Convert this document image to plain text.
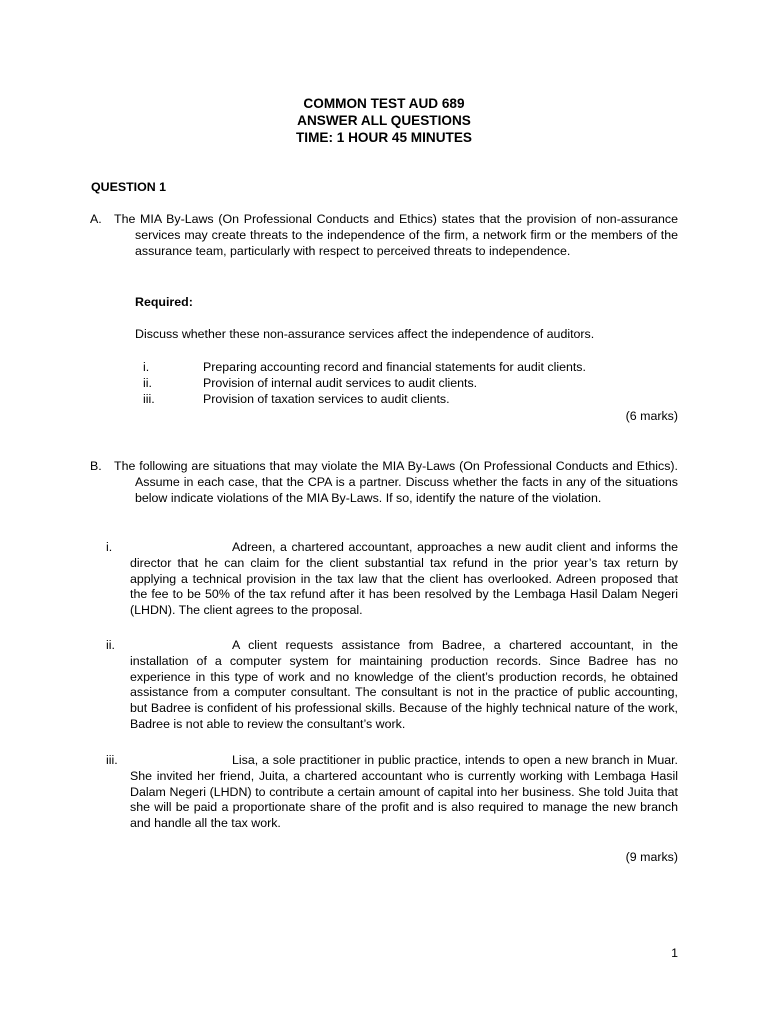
COMMON TEST AUD 689
ANSWER ALL QUESTIONS
TIME: 1 HOUR 45 MINUTES
QUESTION 1
A. The MIA By-Laws (On Professional Conducts and Ethics) states that the provision of non-assurance services may create threats to the independence of the firm, a network firm or the members of the assurance team, particularly with respect to perceived threats to independence.
Required:
Discuss whether these non-assurance services affect the independence of auditors.
i.	Preparing accounting record and financial statements for audit clients.
ii.	Provision of internal audit services to audit clients.
iii.	Provision of taxation services to audit clients.
(6 marks)
B. The following are situations that may violate the MIA By-Laws (On Professional Conducts and Ethics). Assume in each case, that the CPA is a partner. Discuss whether the facts in any of the situations below indicate violations of the MIA By-Laws. If so, identify the nature of the violation.
i.	Adreen, a chartered accountant, approaches a new audit client and informs the director that he can claim for the client substantial tax refund in the prior year’s tax return by applying a technical provision in the tax law that the client has overlooked. Adreen proposed that the fee to be 50% of the tax refund after it has been resolved by the Lembaga Hasil Dalam Negeri (LHDN). The client agrees to the proposal.
ii.	A client requests assistance from Badree, a chartered accountant, in the installation of a computer system for maintaining production records. Since Badree has no experience in this type of work and no knowledge of the client’s production records, he obtained assistance from a computer consultant. The consultant is not in the practice of public accounting, but Badree is confident of his professional skills. Because of the highly technical nature of the work, Badree is not able to review the consultant’s work.
iii.	Lisa, a sole practitioner in public practice, intends to open a new branch in Muar. She invited her friend, Juita, a chartered accountant who is currently working with Lembaga Hasil Dalam Negeri (LHDN) to contribute a certain amount of capital into her business. She told Juita that she will be paid a proportionate share of the profit and is also required to manage the new branch and handle all the tax work.
(9 marks)
1
